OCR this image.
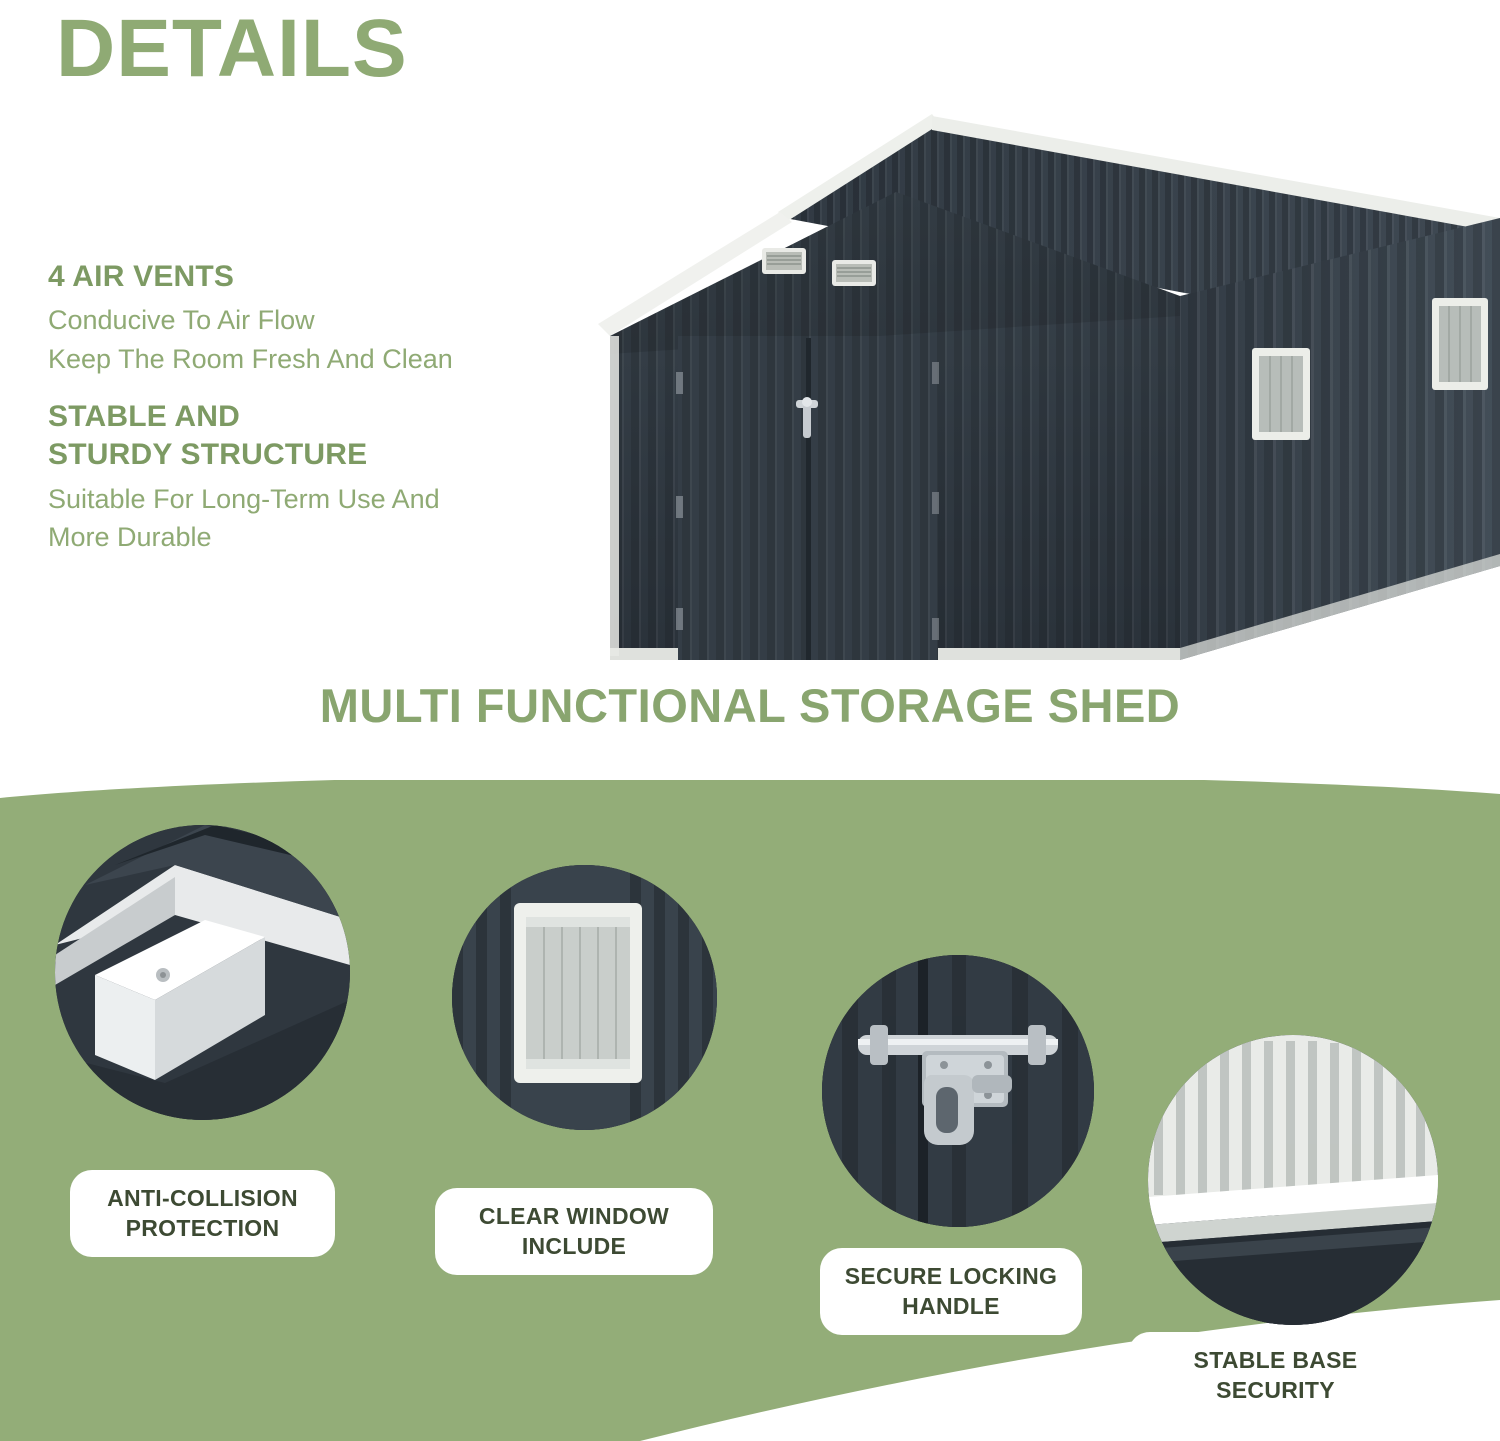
DETAILS
4 AIR VENTS
Conducive To Air Flow
Keep The Room Fresh And Clean
STABLE AND
STURDY STRUCTURE
Suitable For Long-Term Use And
More Durable
MULTI FUNCTIONAL STORAGE SHED
ANTI-COLLISION
PROTECTION	CLEAR WINDOW
INCLUDE
SECURE LOCKING
HANDLE
STABLE BASE
SECURITY
